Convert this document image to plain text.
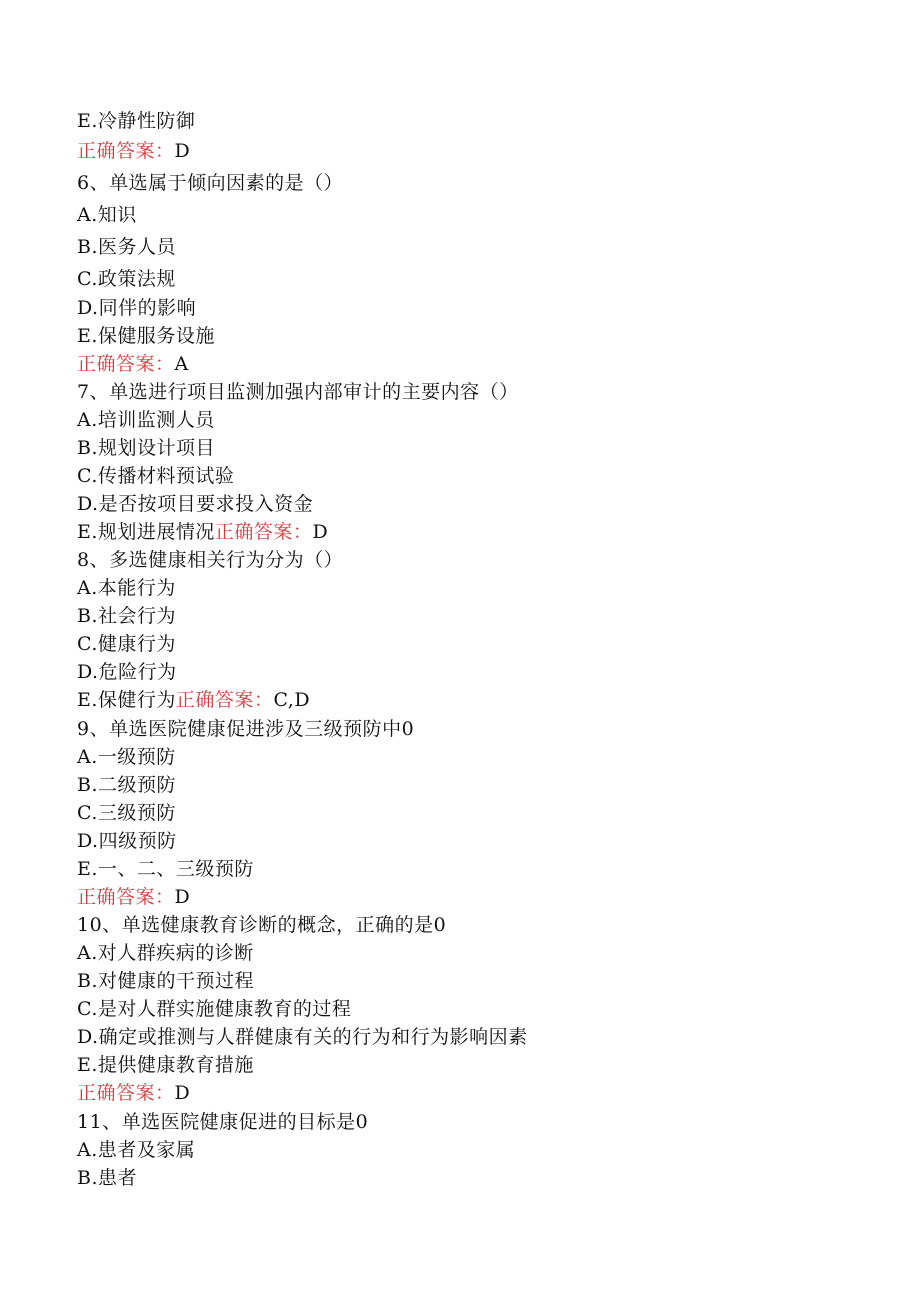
E.冷静性防御
正确答案：D
6、单选属于倾向因素的是（）
A.知识
B.医务人员
C.政策法规
D.同伴的影响
E.保健服务设施
正确答案：A
7、单选进行项目监测加强内部审计的主要内容（）
A.培训监测人员
B.规划设计项目
C.传播材料预试验
D.是否按项目要求投入资金
E.规划进展情况正确答案：D
8、多选健康相关行为分为（）
A.本能行为
B.社会行为
C.健康行为
D.危险行为
E.保健行为正确答案：C,D
9、单选医院健康促进涉及三级预防中0
A.一级预防
B.二级预防
C.三级预防
D.四级预防
E.一、二、三级预防
正确答案：D
10、单选健康教育诊断的概念，正确的是0
A.对人群疾病的诊断
B.对健康的干预过程
C.是对人群实施健康教育的过程
D.确定或推测与人群健康有关的行为和行为影响因素
E.提供健康教育措施
正确答案：D
11、单选医院健康促进的目标是0
A.患者及家属
B.患者
